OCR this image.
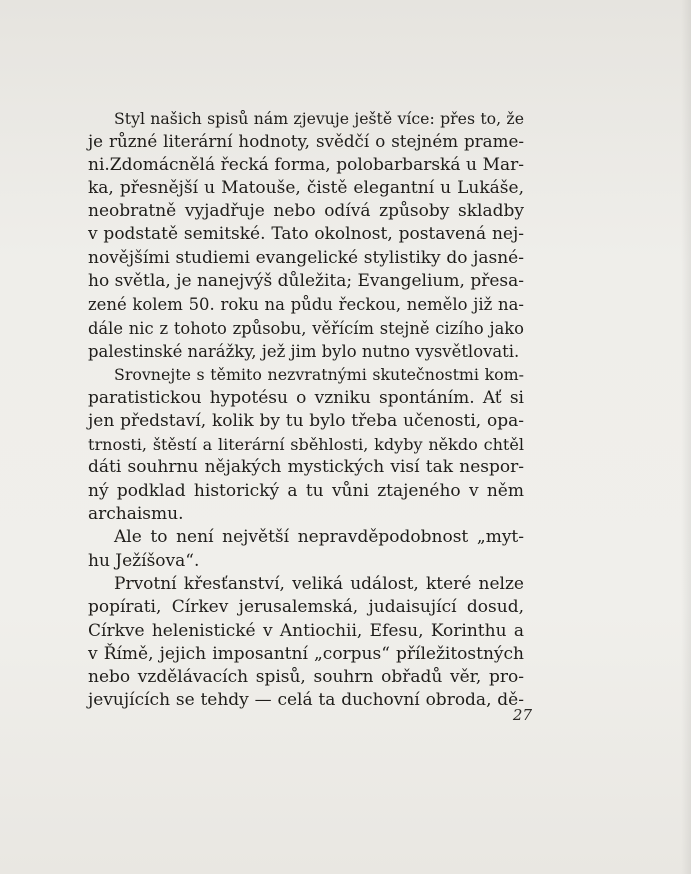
Styl našich spisů nám zjevuje ještě více: přes to, že
je různé literární hodnoty, svědčí o stejném prame-
ni.Zdomácnělá řecká forma, polobarbarská u Mar-
ka, přesnější u Matouše, čistě elegantní u Lukáše,
neobratně vyjadřuje nebo odívá způsoby skladby
v podstatě semitské. Tato okolnost, postavená nej-
novějšími studiemi evangelické stylistiky do jasné-
ho světla, je nanejvýš důležita; Evangelium, přesa-
zené kolem 50. roku na půdu řeckou, nemělo již na-
dále nic z tohoto způsobu, věřícím stejně cizího jako
palestinské narážky, jež jim bylo nutno vysvětlovati.
Srovnejte s těmito nezvratnými skutečnostmi kom-
paratistickou hypotésu o vzniku spontáním. Ať si
jen představí, kolik by tu bylo třeba učenosti, opa-
trnosti, štěstí a literární sběhlosti, kdyby někdo chtěl
dáti souhrnu nějakých mystických visí tak nespor-
ný podklad historický a tu vůni ztajeného v něm
archaismu.
Ale to není největší nepravděpodobnost „myt-
hu Ježíšova“.
Prvotní křesťanství, veliká událost, které nelze
popírati, Církev jerusalemská, judaisující dosud,
Církve helenistické v Antiochii, Efesu, Korinthu a
v Římě, jejich imposantní „corpus“ příležitostných
nebo vzdělávacích spisů, souhrn obřadů věr, pro-
jevujících se tehdy — celá ta duchovní obroda, dě-
27
